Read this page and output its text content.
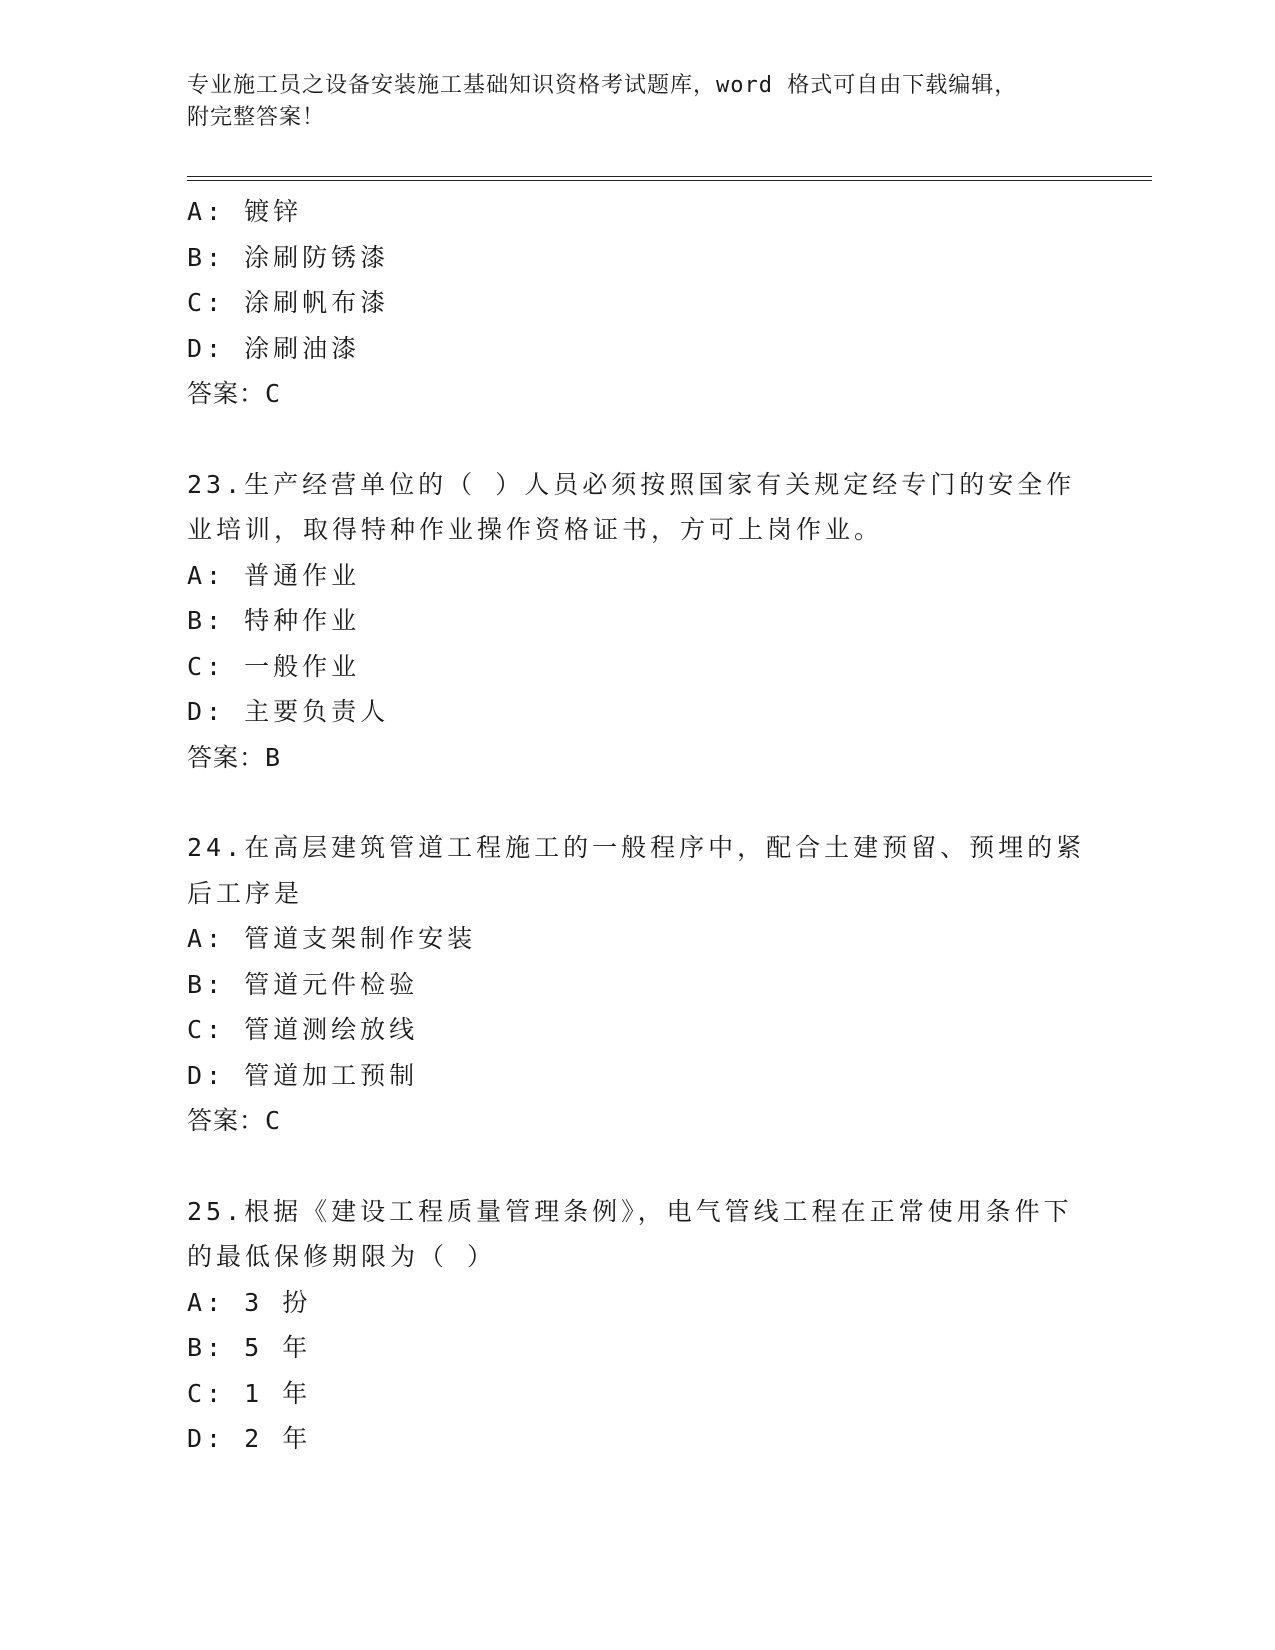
专业施工员之设备安装施工基础知识资格考试题库，word 格式可自由下载编辑，
附完整答案！
A: 镀锌
B: 涂刷防锈漆
C: 涂刷帆布漆
D: 涂刷油漆
答案：C
23.生产经营单位的（ ）人员必须按照国家有关规定经专门的安全作
业培训，取得特种作业操作资格证书，方可上岗作业。
A: 普通作业
B: 特种作业
C: 一般作业
D: 主要负责人
答案：B
24.在高层建筑管道工程施工的一般程序中，配合土建预留、预埋的紧
后工序是
A: 管道支架制作安装
B: 管道元件检验
C: 管道测绘放线
D: 管道加工预制
答案：C
25.根据《建设工程质量管理条例》，电气管线工程在正常使用条件下
的最低保修期限为（ ）
A: 3 扮
B: 5 年
C: 1 年
D: 2 年
